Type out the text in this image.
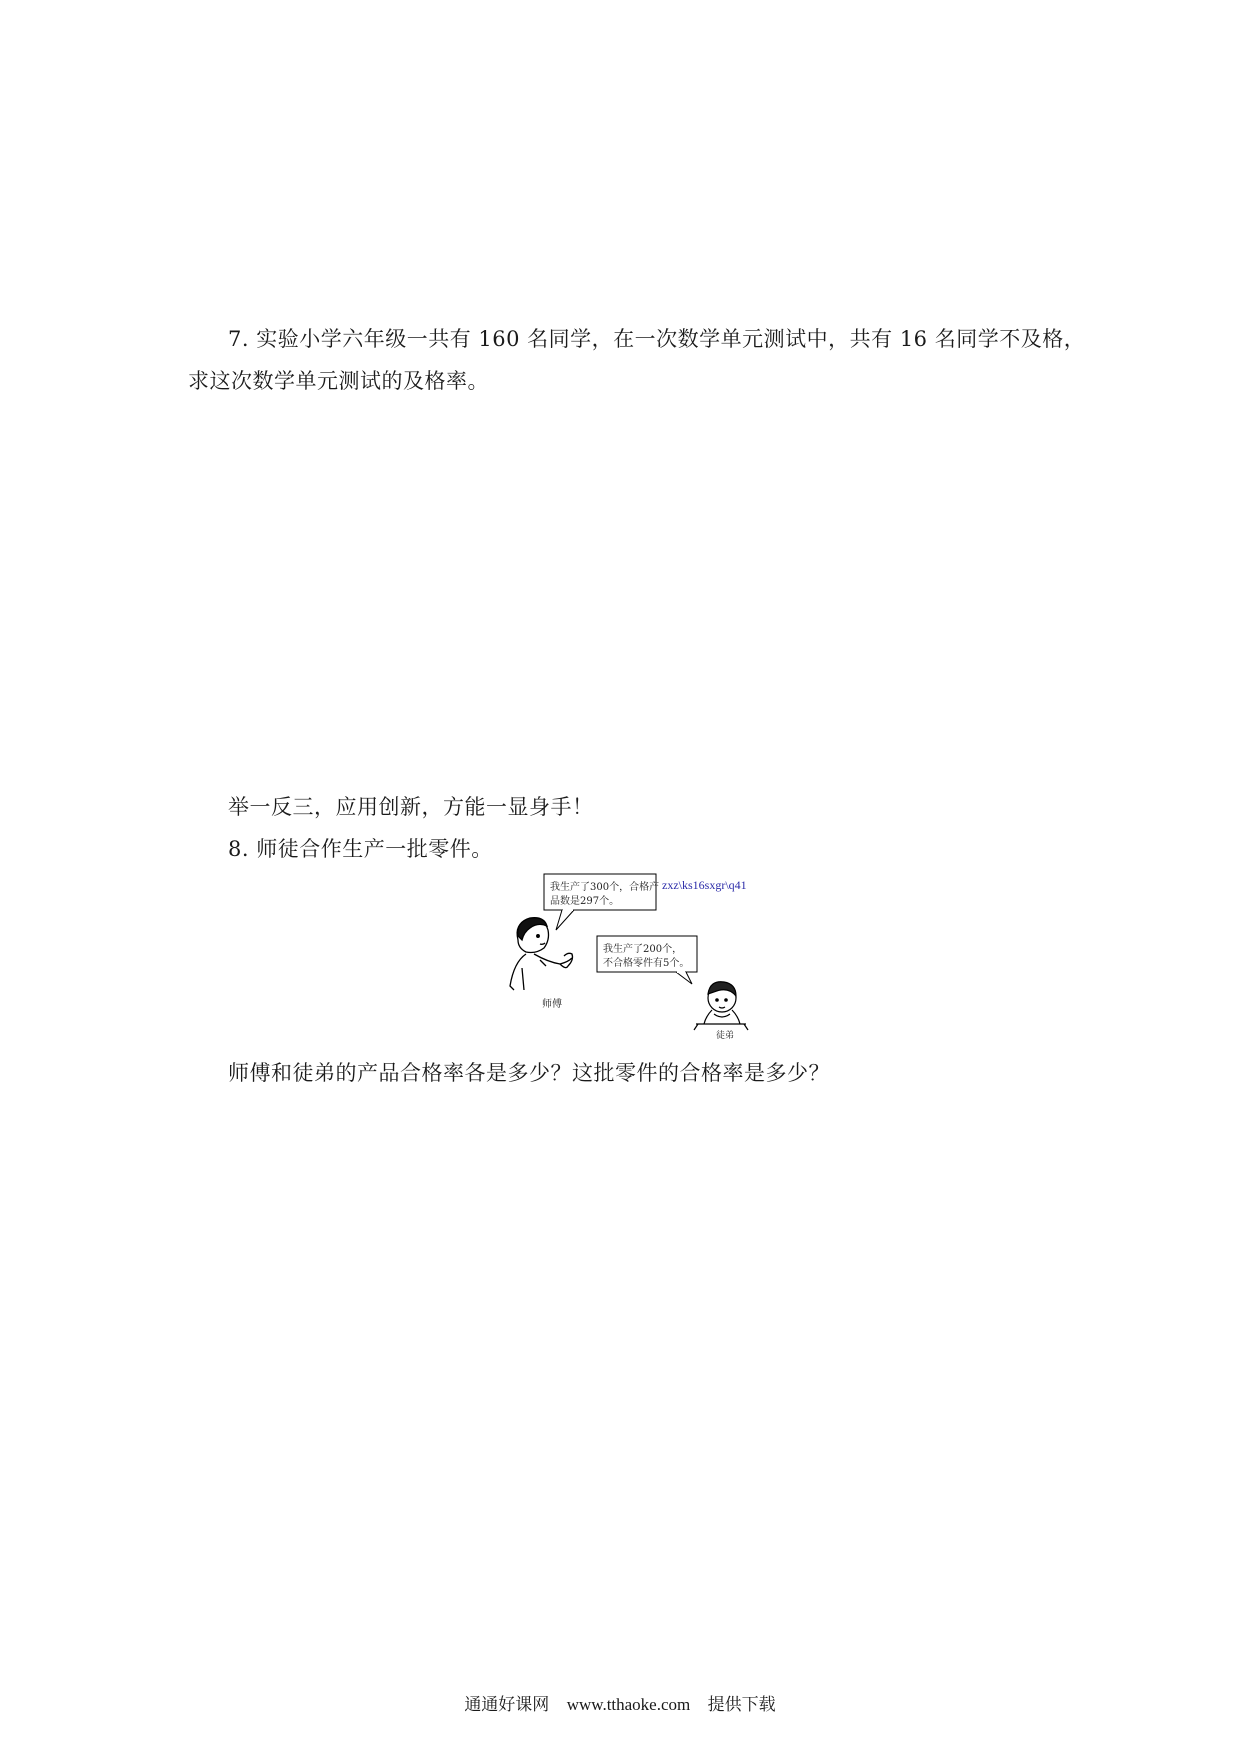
7. 实验小学六年级一共有 160 名同学，在一次数学单元测试中，共有 16 名同学不及格，
求这次数学单元测试的及格率。
举一反三，应用创新，方能一显身手！
8. 师徒合作生产一批零件。
我生产了300个，合格产
品数是297个。
zxz\ks16sxgr\q41
我生产了200个，
不合格零件有5个。
师傅
徒弟
师傅和徒弟的产品合格率各是多少？这批零件的合格率是多少？
通通好课网 www.tthaoke.com 提供下载
